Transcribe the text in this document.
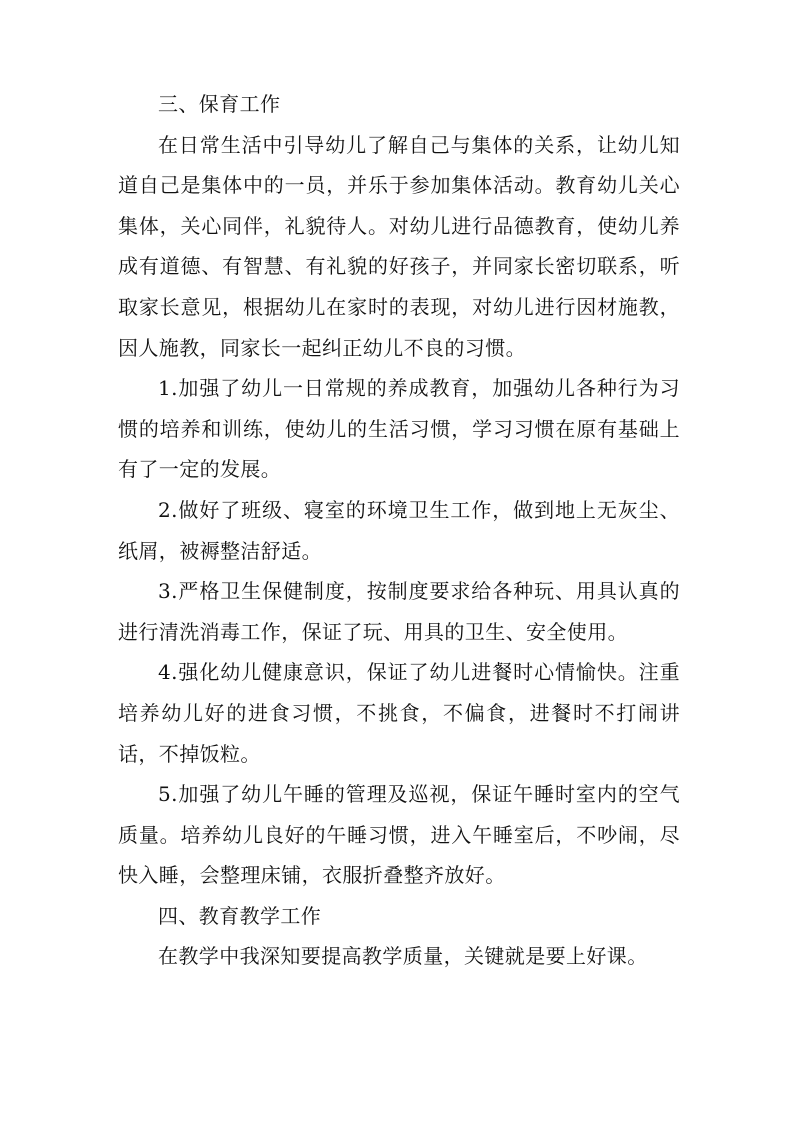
三、保育工作

在日常生活中引导幼儿了解自己与集体的关系，让幼儿知道自己是集体中的一员，并乐于参加集体活动。教育幼儿关心集体，关心同伴，礼貌待人。对幼儿进行品德教育，使幼儿养成有道德、有智慧、有礼貌的好孩子，并同家长密切联系，听取家长意见，根据幼儿在家时的表现，对幼儿进行因材施教，因人施教，同家长一起纠正幼儿不良的习惯。

1.加强了幼儿一日常规的养成教育，加强幼儿各种行为习惯的培养和训练，使幼儿的生活习惯，学习习惯在原有基础上有了一定的发展。

2.做好了班级、寝室的环境卫生工作，做到地上无灰尘、纸屑，被褥整洁舒适。

3.严格卫生保健制度，按制度要求给各种玩、用具认真的进行清洗消毒工作，保证了玩、用具的卫生、安全使用。

4.强化幼儿健康意识，保证了幼儿进餐时心情愉快。注重培养幼儿好的进食习惯，不挑食，不偏食，进餐时不打闹讲话，不掉饭粒。

5.加强了幼儿午睡的管理及巡视，保证午睡时室内的空气质量。培养幼儿良好的午睡习惯，进入午睡室后，不吵闹，尽快入睡，会整理床铺，衣服折叠整齐放好。

四、教育教学工作

在教学中我深知要提高教学质量，关键就是要上好课。
